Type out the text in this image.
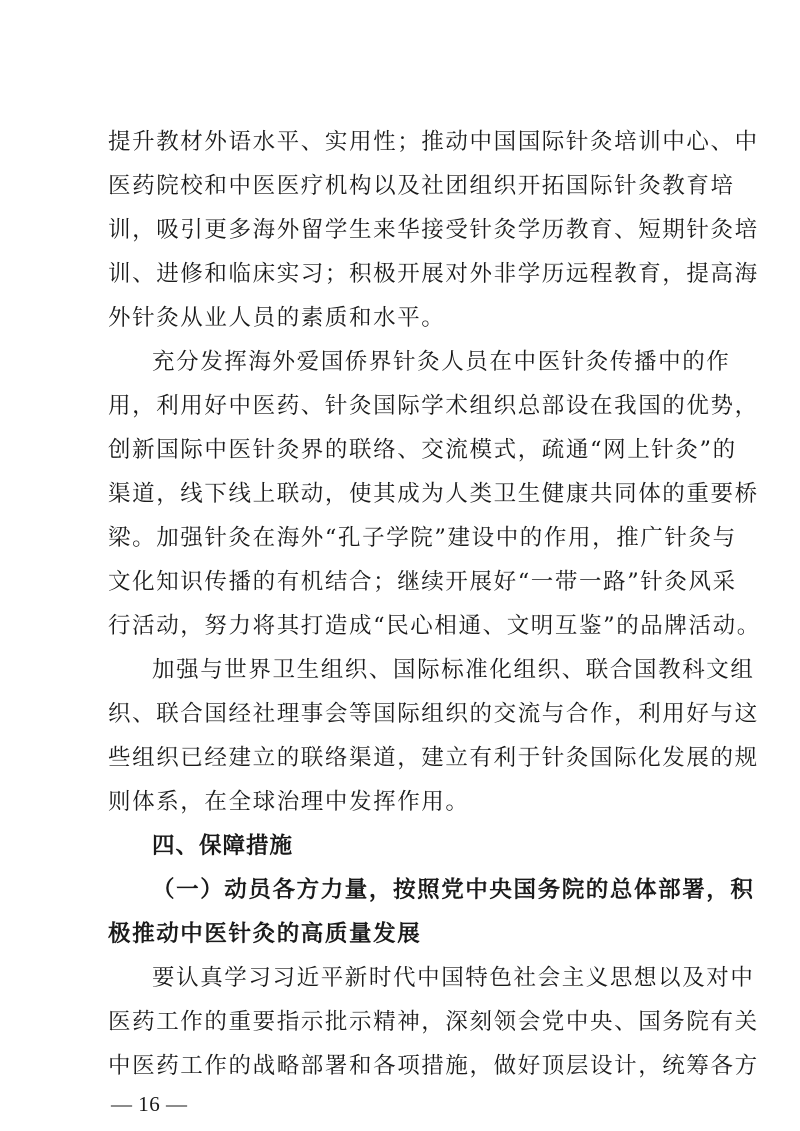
提升教材外语水平、实用性；推动中国国际针灸培训中心、中
医药院校和中医医疗机构以及社团组织开拓国际针灸教育培
训，吸引更多海外留学生来华接受针灸学历教育、短期针灸培
训、进修和临床实习；积极开展对外非学历远程教育，提高海
外针灸从业人员的素质和水平。
充分发挥海外爱国侨界针灸人员在中医针灸传播中的作
用，利用好中医药、针灸国际学术组织总部设在我国的优势，
创新国际中医针灸界的联络、交流模式，疏通“网上针灸”的
渠道，线下线上联动，使其成为人类卫生健康共同体的重要桥
梁。加强针灸在海外“孔子学院”建设中的作用，推广针灸与
文化知识传播的有机结合；继续开展好“一带一路”针灸风采
行活动，努力将其打造成“民心相通、文明互鉴”的品牌活动。
加强与世界卫生组织、国际标准化组织、联合国教科文组
织、联合国经社理事会等国际组织的交流与合作，利用好与这
些组织已经建立的联络渠道，建立有利于针灸国际化发展的规
则体系，在全球治理中发挥作用。
四、保障措施
（一）动员各方力量，按照党中央国务院的总体部署，积
极推动中医针灸的高质量发展
要认真学习习近平新时代中国特色社会主义思想以及对中
医药工作的重要指示批示精神，深刻领会党中央、国务院有关
中医药工作的战略部署和各项措施，做好顶层设计，统筹各方
— 16 —
